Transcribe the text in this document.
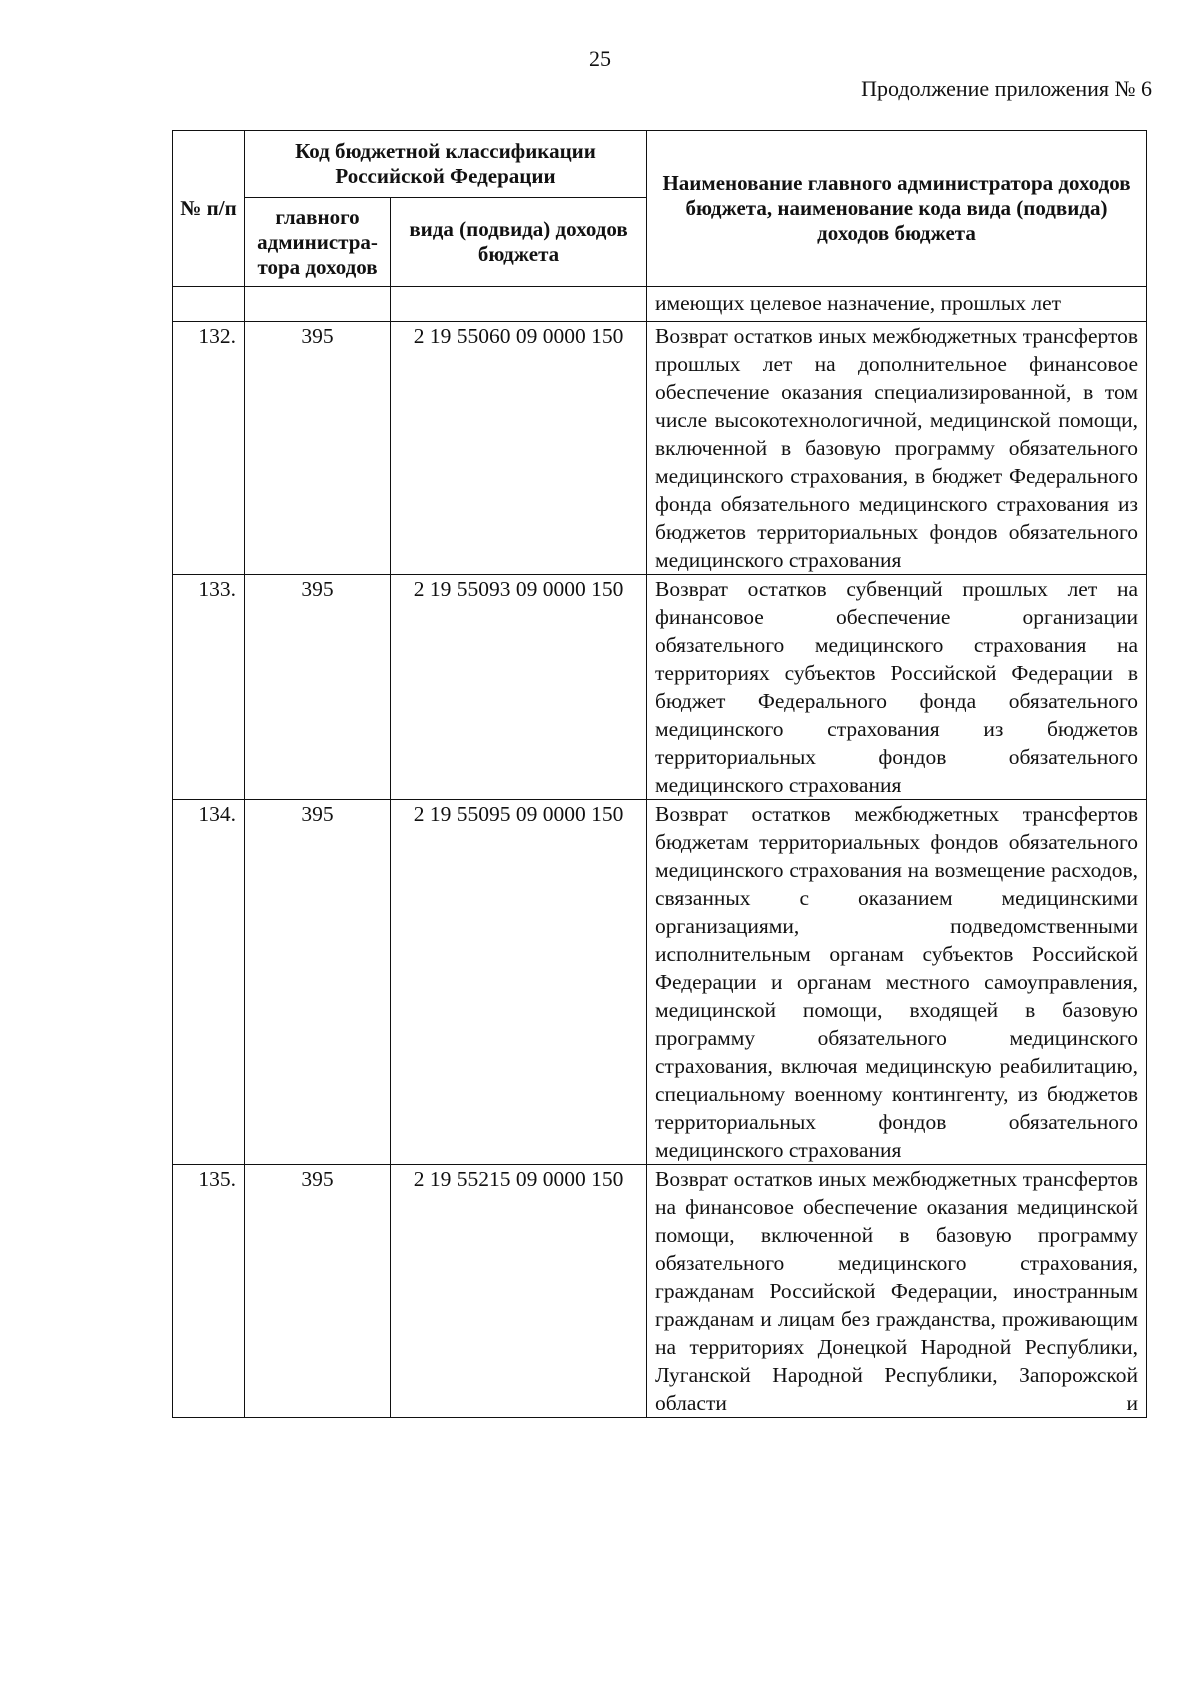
25
Продолжение приложения № 6
№ п/п	Код бюджетной классификации Российской Федерации		Наименование главного администратора доходов бюджета, наименование кода вида (подвида) доходов бюджета
	главного администра- тора доходов	вида (подвида) доходов бюджета	
			имеющих целевое назначение, прошлых лет
132.	395	2 19 55060 09 0000 150	Возврат остатков иных межбюджетных трансфертов прошлых лет на дополнительное финансовое обеспечение оказания специализированной, в том числе высокотехнологичной, медицинской помощи, включенной в базовую программу обязательного медицинского страхования, в бюджет Федерального фонда обязательного медицинского страхования из бюджетов территориальных фондов обязательного медицинского страхования
133.	395	2 19 55093 09 0000 150	Возврат остатков субвенций прошлых лет на финансовое обеспечение организации обязательного медицинского страхования на территориях субъектов Российской Федерации в бюджет Федерального фонда обязательного медицинского страхования из бюджетов территориальных фондов обязательного медицинского страхования
134.	395	2 19 55095 09 0000 150	Возврат остатков межбюджетных трансфертов бюджетам территориальных фондов обязательного медицинского страхования на возмещение расходов, связанных с оказанием медицинскими организациями, подведомственными исполнительным органам субъектов Российской Федерации и органам местного самоуправления, медицинской помощи, входящей в базовую программу обязательного медицинского страхования, включая медицинскую реабилитацию, специальному военному контингенту, из бюджетов территориальных фондов обязательного медицинского страхования
135.	395	2 19 55215 09 0000 150	Возврат остатков иных межбюджетных трансфертов на финансовое обеспечение оказания медицинской помощи, включенной в базовую программу обязательного медицинского страхования, гражданам Российской Федерации, иностранным гражданам и лицам без гражданства, проживающим на территориях Донецкой Народной Республики, Луганской Народной Республики, Запорожской области и
